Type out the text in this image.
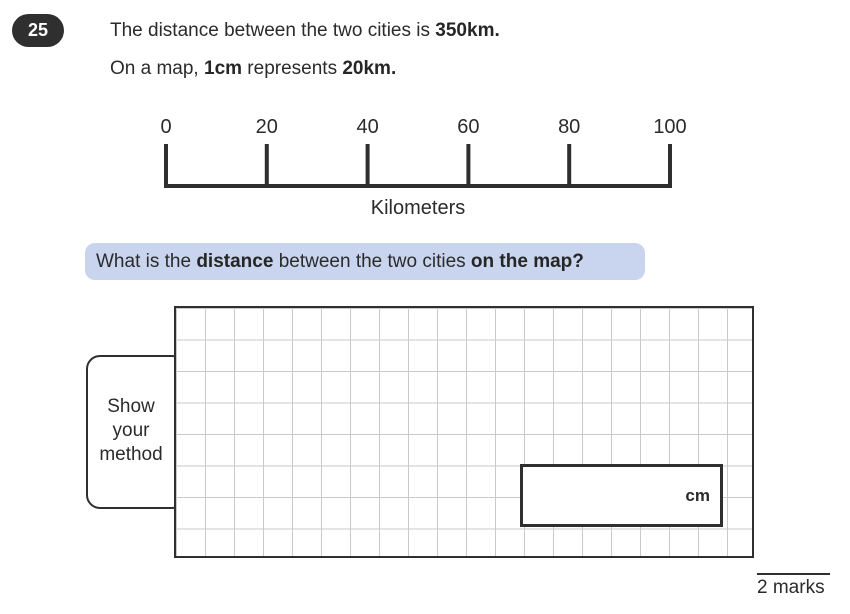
25	The distance between the two cities is 350km.
On a map, 1cm represents 20km.
0	20	40	60	80	100
Kilometers
What is the distance between the two cities on the map?
Show
your
method
cm
2 marks
